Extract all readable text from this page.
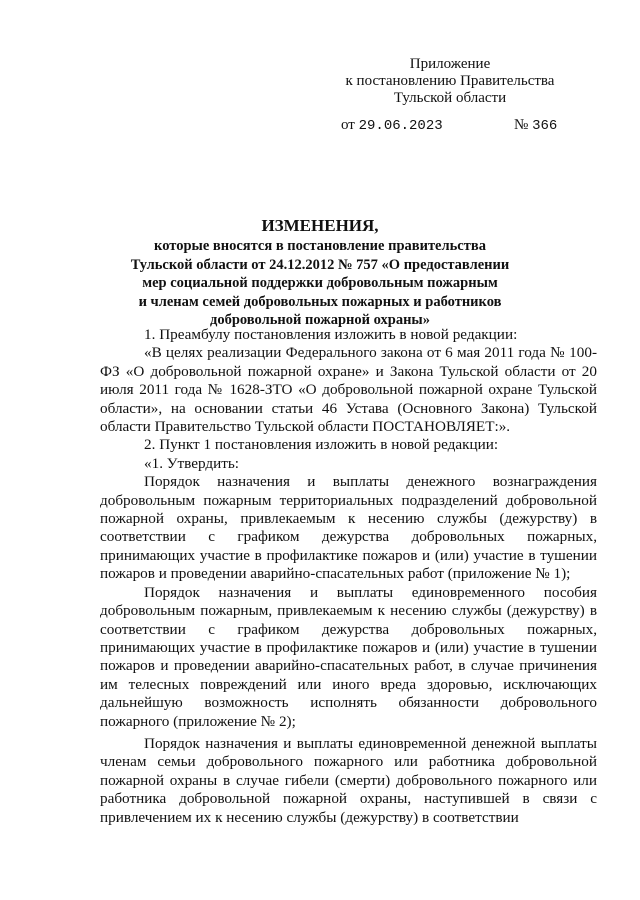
Приложение
к постановлению Правительства
Тульской области
от 29.06.2023	№ 366
ИЗМЕНЕНИЯ,
которые вносятся в постановление правительства
Тульской области от 24.12.2012 № 757 «О предоставлении
мер социальной поддержки добровольным пожарным
и членам семей добровольных пожарных и работников
добровольной пожарной охраны»

1. Преамбулу постановления изложить в новой редакции:

«В целях реализации Федерального закона от 6 мая 2011 года № 100-ФЗ «О добровольной пожарной охране» и Закона Тульской области от 20 июля 2011 года № 1628-ЗТО «О добровольной пожарной охране Тульской области», на основании статьи 46 Устава (Основного Закона) Тульской области Правительство Тульской области ПОСТАНОВЛЯЕТ:».

2. Пункт 1 постановления изложить в новой редакции:

«1. Утвердить:

Порядок назначения и выплаты денежного вознаграждения добровольным пожарным территориальных подразделений добровольной пожарной охраны, привлекаемым к несению службы (дежурству) в соответствии с графиком дежурства добровольных пожарных, принимающих участие в профилактике пожаров и (или) участие в тушении пожаров и проведении аварийно-спасательных работ (приложение № 1);

Порядок назначения и выплаты единовременного пособия добровольным пожарным, привлекаемым к несению службы (дежурству) в соответствии с графиком дежурства добровольных пожарных, принимающих участие в профилактике пожаров и (или) участие в тушении пожаров и проведении аварийно-спасательных работ, в случае причинения им телесных повреждений или иного вреда здоровью, исключающих дальнейшую возможность исполнять обязанности добровольного пожарного (приложение № 2);

Порядок назначения и выплаты единовременной денежной выплаты членам семьи добровольного пожарного или работника добровольной пожарной охраны в случае гибели (смерти) добровольного пожарного или работника добровольной пожарной охраны, наступившей в связи с привлечением их к несению службы (дежурству) в соответствии
